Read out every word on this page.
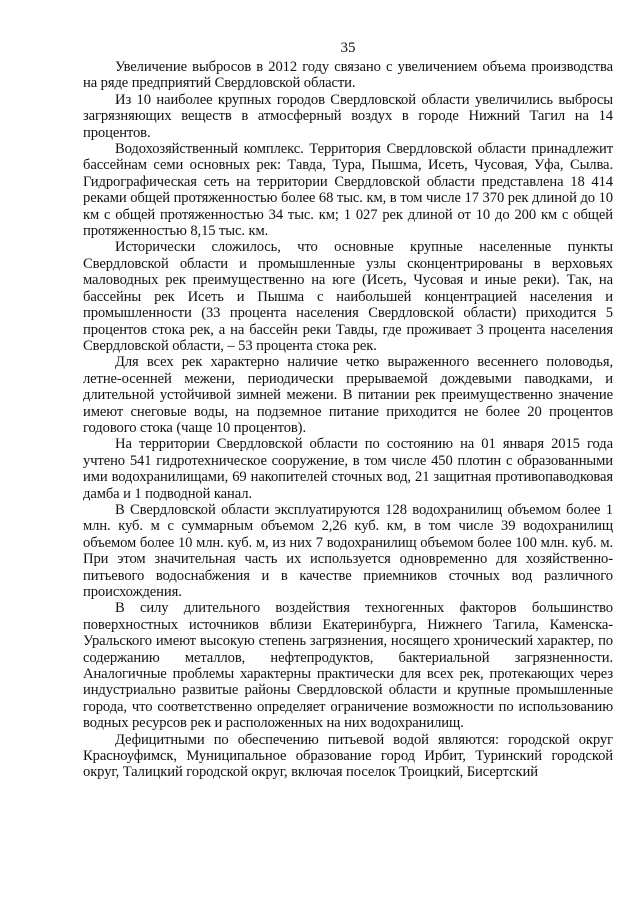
35

Увеличение выбросов в 2012 году связано с увеличением объема производства на ряде предприятий Свердловской области.

Из 10 наиболее крупных городов Свердловской области увеличились выбросы загрязняющих веществ в атмосферный воздух в городе Нижний Тагил на 14 процентов.

Водохозяйственный комплекс. Территория Свердловской области принадлежит бассейнам семи основных рек: Тавда, Тура, Пышма, Исеть, Чусовая, Уфа, Сылва. Гидрографическая сеть на территории Свердловской области представлена 18 414 реками общей протяженностью более 68 тыс. км, в том числе 17 370 рек длиной до 10 км с общей протяженностью 34 тыс. км; 1 027 рек длиной от 10 до 200 км с общей протяженностью 8,15 тыс. км.

Исторически сложилось, что основные крупные населенные пункты Свердловской области и промышленные узлы сконцентрированы в верховьях маловодных рек преимущественно на юге (Исеть, Чусовая и иные реки). Так, на бассейны рек Исеть и Пышма с наибольшей концентрацией населения и промышленности (33 процента населения Свердловской области) приходится 5 процентов стока рек, а на бассейн реки Тавды, где проживает 3 процента населения Свердловской области, – 53 процента стока рек.

Для всех рек характерно наличие четко выраженного весеннего половодья, летне-осенней межени, периодически прерываемой дождевыми паводками, и длительной устойчивой зимней межени. В питании рек преимущественно значение имеют снеговые воды, на подземное питание приходится не более 20 процентов годового стока (чаще 10 процентов).

На территории Свердловской области по состоянию на 01 января 2015 года учтено 541 гидротехническое сооружение, в том числе 450 плотин с образованными ими водохранилищами, 69 накопителей сточных вод, 21 защитная противопаводковая дамба и 1 подводной канал.

В Свердловской области эксплуатируются 128 водохранилищ объемом более 1 млн. куб. м с суммарным объемом 2,26 куб. км, в том числе 39 водохранилищ объемом более 10 млн. куб. м, из них 7 водохранилищ объемом более 100 млн. куб. м. При этом значительная часть их используется одновременно для хозяйственно-питьевого водоснабжения и в качестве приемников сточных вод различного происхождения.

В силу длительного воздействия техногенных факторов большинство поверхностных источников вблизи Екатеринбурга, Нижнего Тагила, Каменска-Уральского имеют высокую степень загрязнения, носящего хронический характер, по содержанию металлов, нефтепродуктов, бактериальной загрязненности. Аналогичные проблемы характерны практически для всех рек, протекающих через индустриально развитые районы Свердловской области и крупные промышленные города, что соответственно определяет ограничение возможности по использованию водных ресурсов рек и расположенных на них водохранилищ.

Дефицитными по обеспечению питьевой водой являются: городской округ Красноуфимск, Муниципальное образование город Ирбит, Туринский городской округ, Талицкий городской округ, включая поселок Троицкий, Бисертский
